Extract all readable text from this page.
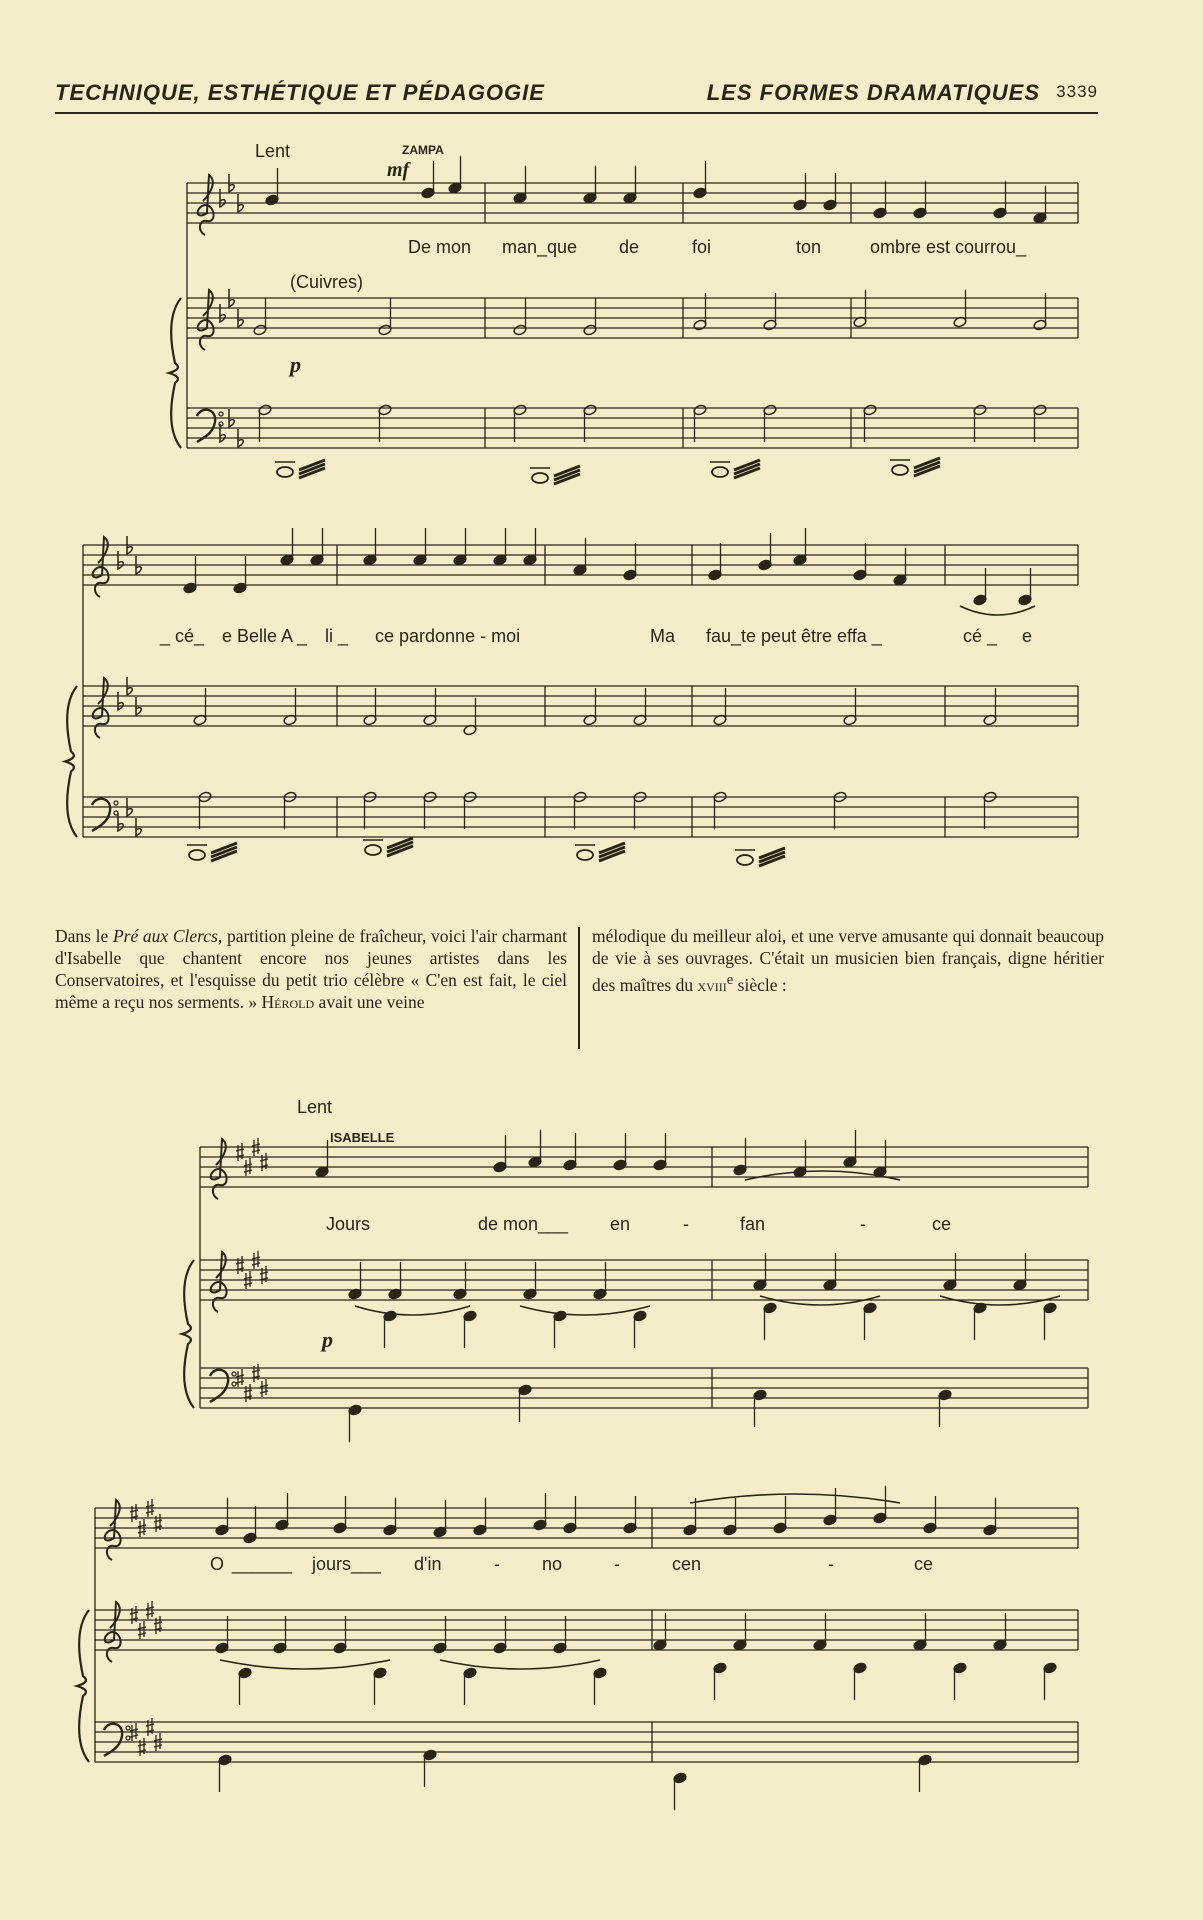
TECHNIQUE, ESTHÉTIQUE ET PÉDAGOGIE	LES FORMES DRAMATIQUES 3339
Lent	ZAMPA
mf
(Cuivres)
p
De mon man_que de	foi	ton	ombre est courrou_
_ cé_ e Belle A _ li _ ce pardonne - moi	Ma fau_te peut être effa _	cé _ e
Lent
ISABELLE
p
Jours	de mon___ en	-	fan	-	ce
O ______ jours___ d'in	- no	-	cen	-	ce
Dans le Pré aux Clercs, partition pleine de fraîcheur, voici l'air charmant d'Isabelle que chantent encore nos jeunes artistes dans les Conservatoires, et l'esquisse du petit trio célèbre « C'en est fait, le ciel même a reçu nos serments. » Hérold avait une veine
mélodique du meilleur aloi, et une verve amusante qui donnait beaucoup de vie à ses ouvrages. C'était un musicien bien français, digne héritier des maîtres du xviii$^e$ siècle :
